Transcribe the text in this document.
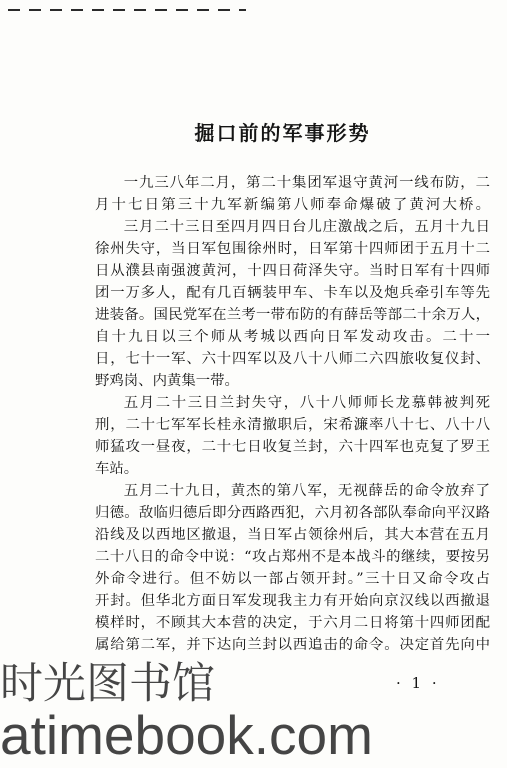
掘口前的军事形势
一九三八年二月，第二十集团军退守黄河一线布防，二
月十七日第三十九军新编第八师奉命爆破了黄河大桥。
三月二十三日至四月四日台儿庄激战之后，五月十九日
徐州失守，当日军包围徐州时，日军第十四师团于五月十二
日从濮县南强渡黄河，十四日荷泽失守。当时日军有十四师
团一万多人，配有几百辆装甲车、卡车以及炮兵牵引车等先
进装备。国民党军在兰考一带布防的有薛岳等部二十余万人，
自十九日以三个师从考城以西向日军发动攻击。二十一
日，七十一军、六十四军以及八十八师二六四旅收复仪封、
野鸡岗、内黄集一带。
五月二十三日兰封失守，八十八师师长龙慕韩被判死
刑，二十七军军长桂永清撤职后，宋希濂率八十七、八十八
师猛攻一昼夜，二十七日收复兰封，六十四军也克复了罗王
车站。
五月二十九日，黄杰的第八军，无视薛岳的命令放弃了
归德。敌临归德后即分西路西犯，六月初各部队奉命向平汉路
沿线及以西地区撤退，当日军占领徐州后，其大本营在五月
二十八日的命令中说：“攻占郑州不是本战斗的继续，要按另
外命令进行。但不妨以一部占领开封。”三十日又命令攻占
开封。但华北方面日军发现我主力有开始向京汉线以西撤退
模样时，不顾其大本营的决定，于六月二日将第十四师团配
属给第二军，并下达向兰封以西追击的命令。决定首先向中
· 1 ·
时光图书馆
atimebook.com
